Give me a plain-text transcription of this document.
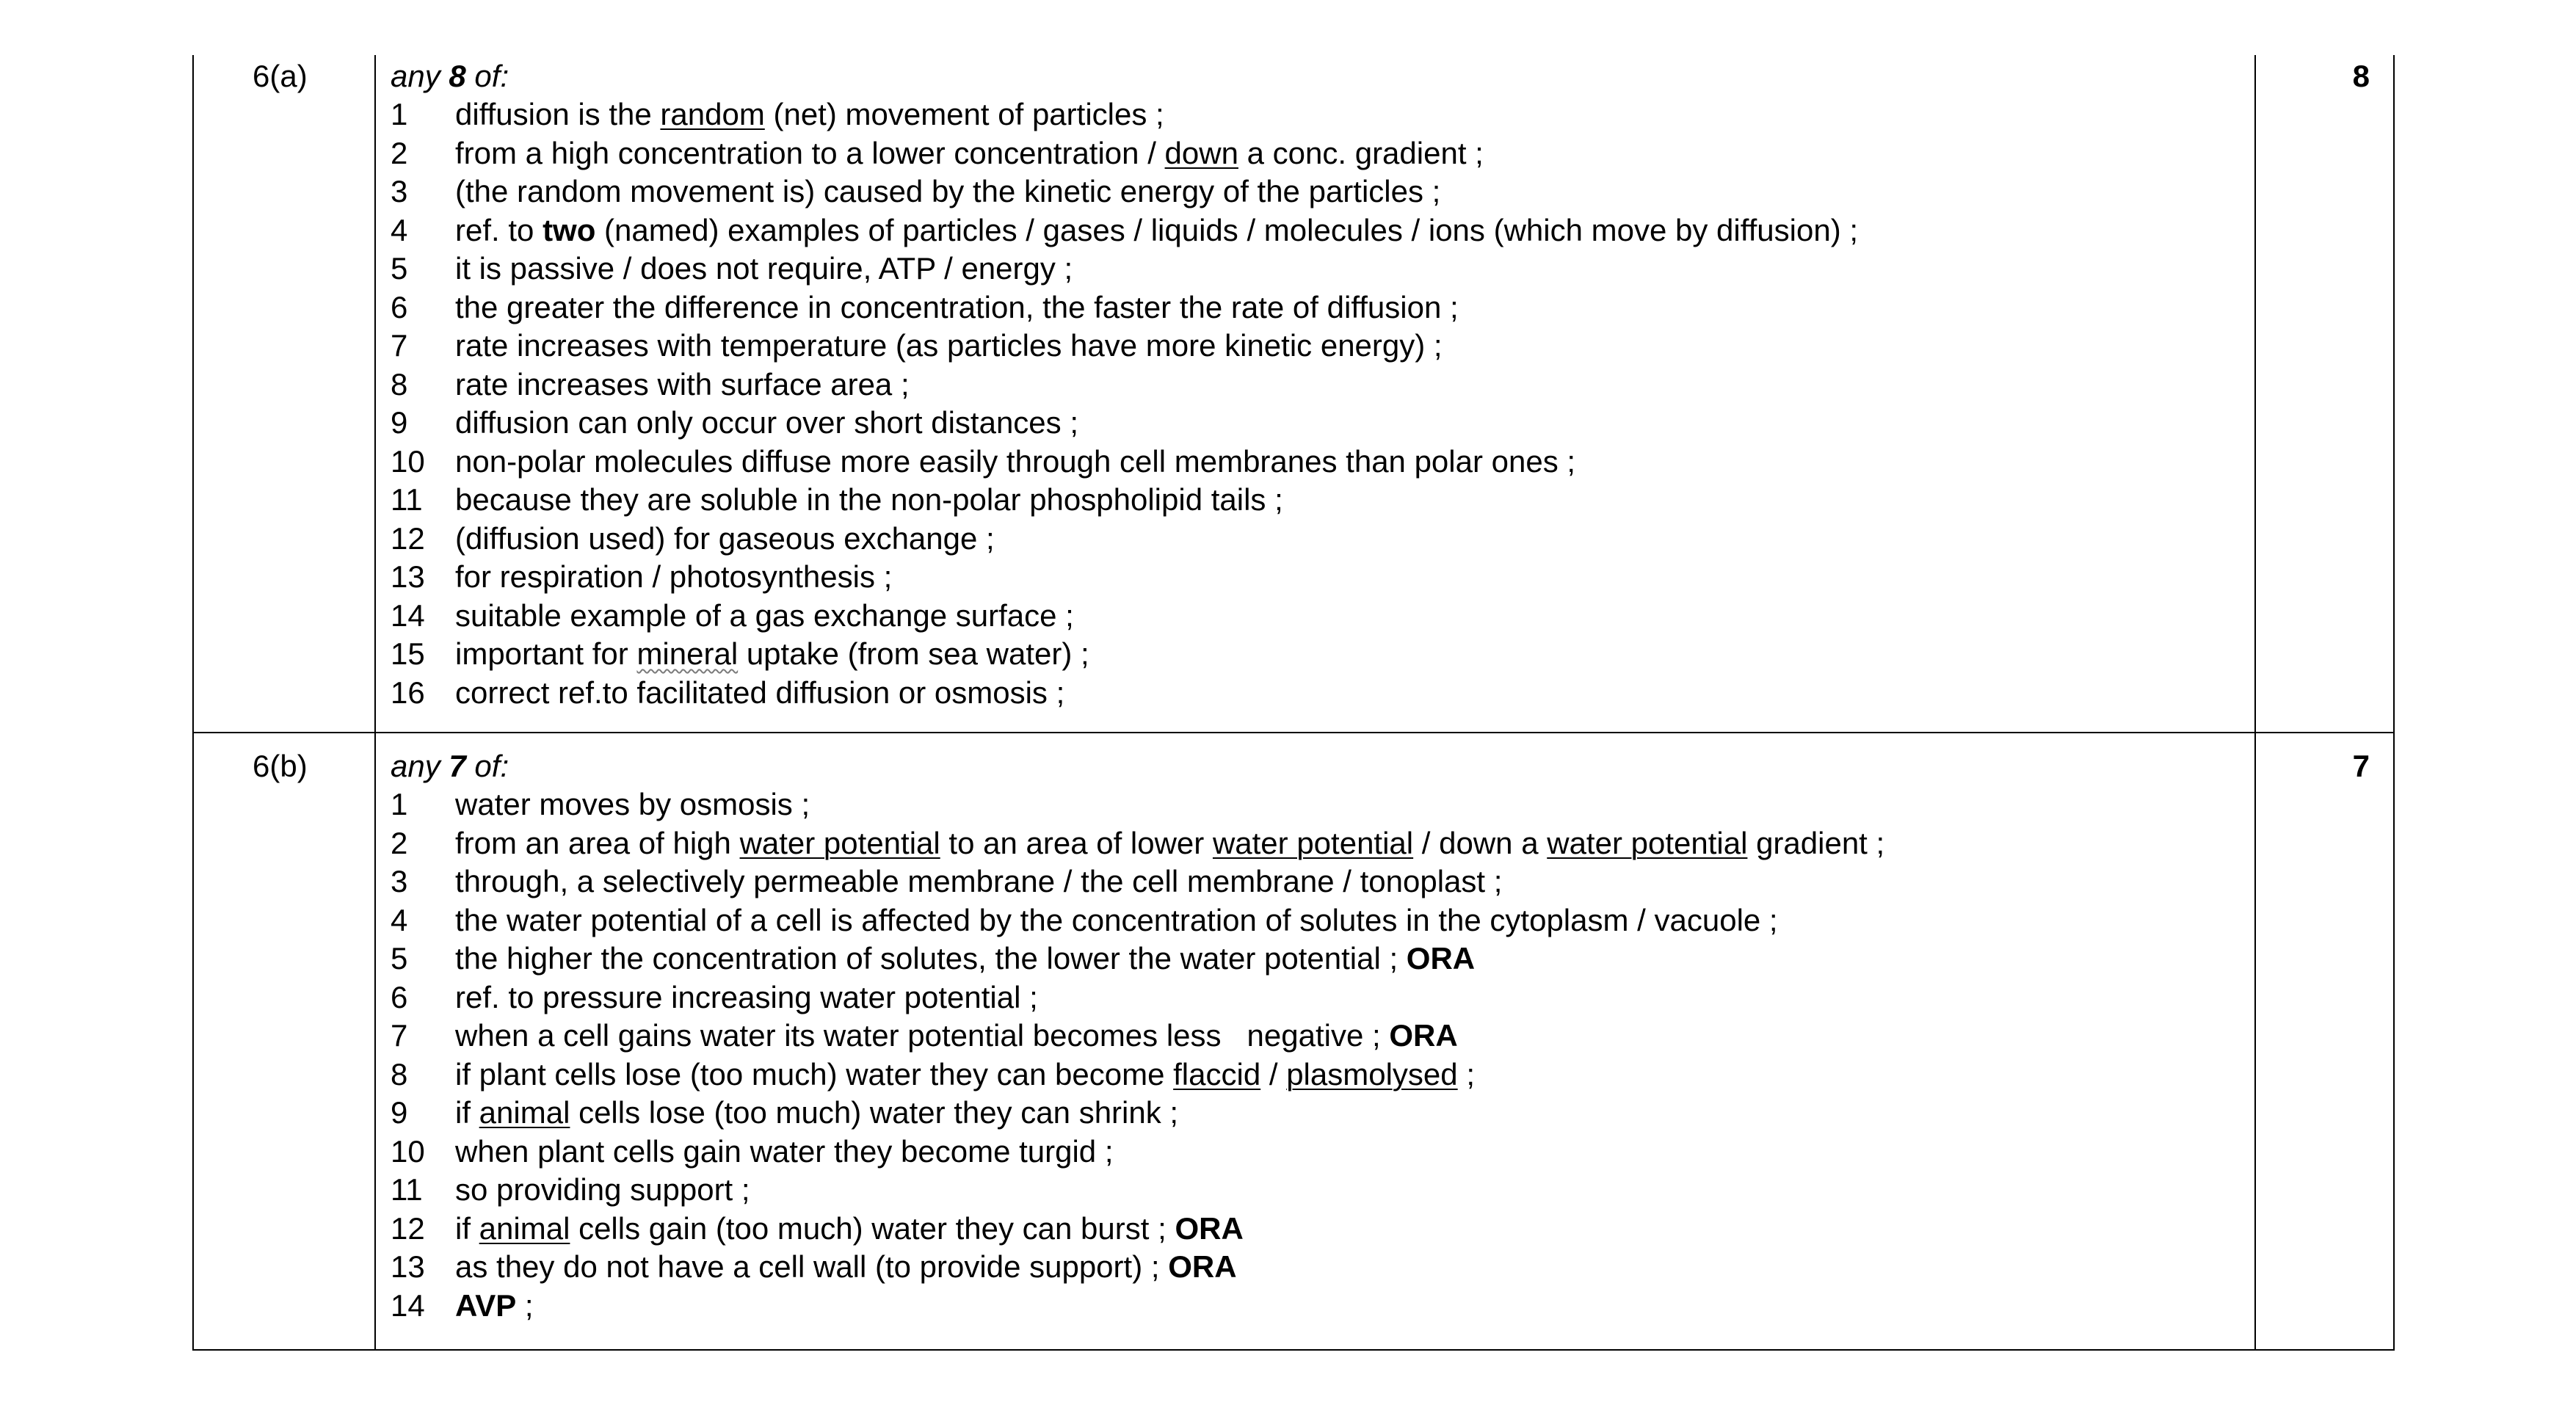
6(a)	8
any 8 of:
1 diffusion is the random (net) movement of particles ;
2 from a high concentration to a lower concentration / down a conc. gradient ;
3 (the random movement is) caused by the kinetic energy of the particles ;
4 ref. to two (named) examples of particles / gases / liquids / molecules / ions (which move by diffusion) ;
5 it is passive / does not require, ATP / energy ;
6 the greater the difference in concentration, the faster the rate of diffusion ;
7 rate increases with temperature (as particles have more kinetic energy) ;
8 rate increases with surface area ;
9 diffusion can only occur over short distances ;
10 non-polar molecules diffuse more easily through cell membranes than polar ones ;
11 because they are soluble in the non-polar phospholipid tails ;
12 (diffusion used) for gaseous exchange ;
13 for respiration / photosynthesis ;
14 suitable example of a gas exchange surface ;
15 important for mineral uptake (from sea water) ;
16 correct ref.to facilitated diffusion or osmosis ;
6(b)	7
any 7 of:
1 water moves by osmosis ;
2 from an area of high water potential to an area of lower water potential / down a water potential gradient ;
3 through, a selectively permeable membrane / the cell membrane / tonoplast ;
4 the water potential of a cell is affected by the concentration of solutes in the cytoplasm / vacuole ;
5 the higher the concentration of solutes, the lower the water potential ; ORA
6 ref. to pressure increasing water potential ;
7 when a cell gains water its water potential becomes less   negative ; ORA
8 if plant cells lose (too much) water they can become flaccid / plasmolysed ;
9 if animal cells lose (too much) water they can shrink ;
10 when plant cells gain water they become turgid ;
11 so providing support ;
12 if animal cells gain (too much) water they can burst ; ORA
13 as they do not have a cell wall (to provide support) ; ORA
14 AVP ;
